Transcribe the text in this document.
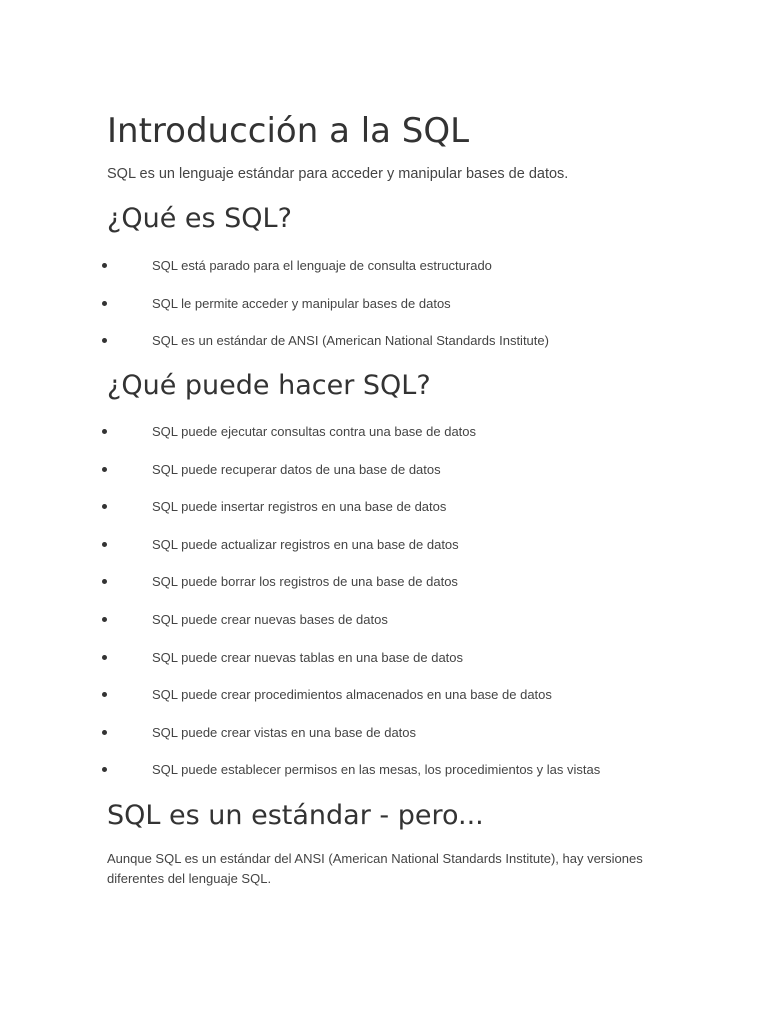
Introducción a la SQL

SQL es un lenguaje estándar para acceder y manipular bases de datos.

¿Qué es SQL?
SQL está parado para el lenguaje de consulta estructurado
SQL le permite acceder y manipular bases de datos
SQL es un estándar de ANSI (American National Standards Institute)
¿Qué puede hacer SQL?
SQL puede ejecutar consultas contra una base de datos
SQL puede recuperar datos de una base de datos
SQL puede insertar registros en una base de datos
SQL puede actualizar registros en una base de datos
SQL puede borrar los registros de una base de datos
SQL puede crear nuevas bases de datos
SQL puede crear nuevas tablas en una base de datos
SQL puede crear procedimientos almacenados en una base de datos
SQL puede crear vistas en una base de datos
SQL puede establecer permisos en las mesas, los procedimientos y las vistas
SQL es un estándar - pero...

Aunque SQL es un estándar del ANSI (American National Standards Institute), hay versiones diferentes del lenguaje SQL.
